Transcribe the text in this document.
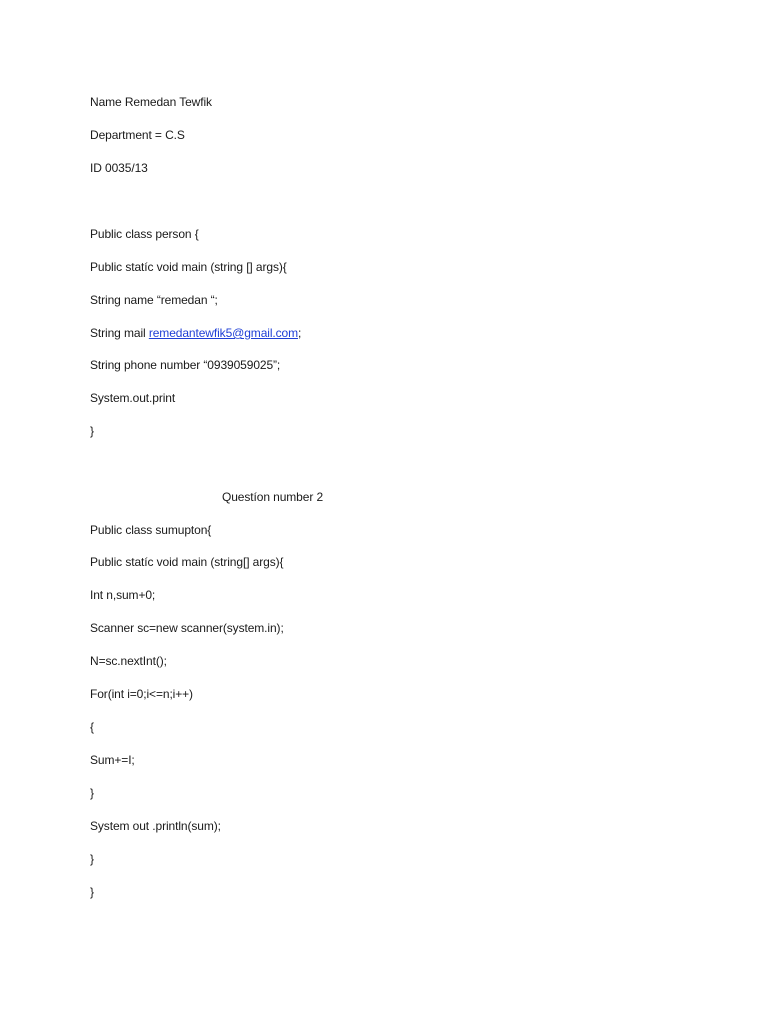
Name Remedan Tewfik
Department = C.S
ID 0035/13
Public class person {
Public statíc void main (string [] args){
String name “remedan “;
String mail remedantewfik5@gmail.com;
String phone number “0939059025”;
System.out.print
}
Questíon number 2
Public class sumupton{
Public statíc void main (string[] args){
Int n,sum+0;
Scanner sc=new scanner(system.in);
N=sc.nextInt();
For(int i=0;i<=n;i++)
{
Sum+=I;
}
System out .println(sum);
}
}
